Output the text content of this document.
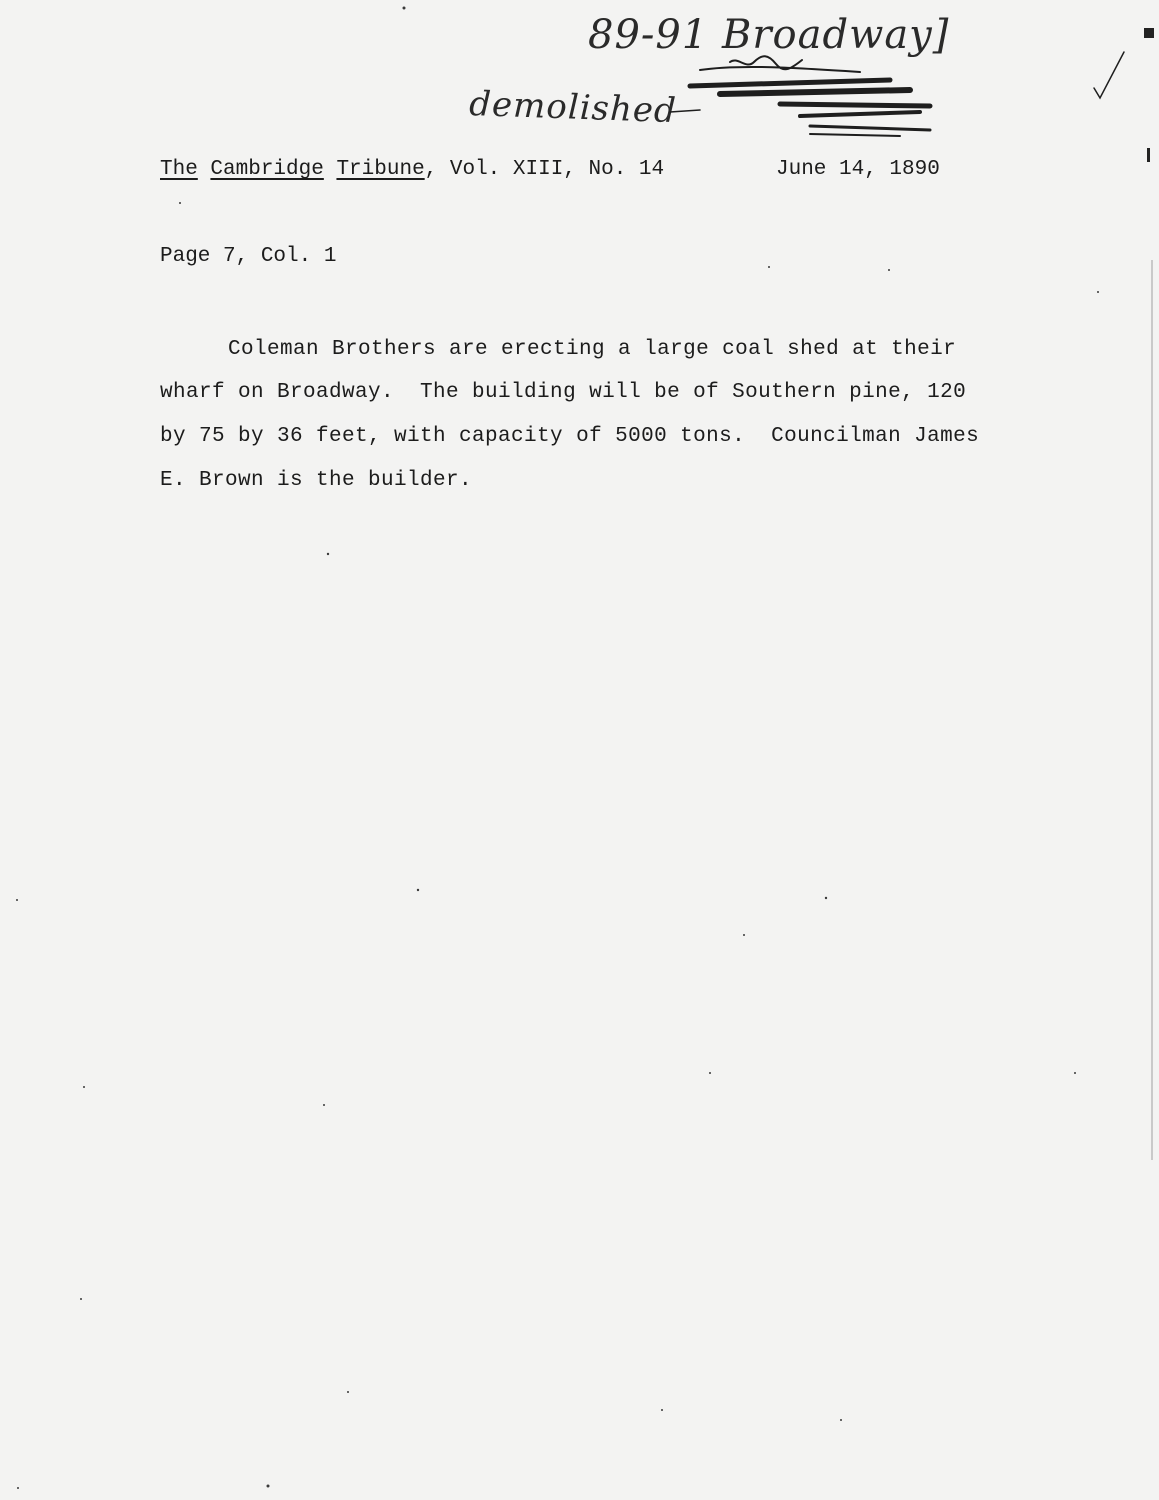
89-91 Broadway]
demolished
The Cambridge Tribune, Vol. XIII, No. 14	June 14, 1890
Page 7, Col. 1
Coleman Brothers are erecting a large coal shed at their
wharf on Broadway.  The building will be of Southern pine, 120
by 75 by 36 feet, with capacity of 5000 tons.  Councilman James
E. Brown is the builder.
